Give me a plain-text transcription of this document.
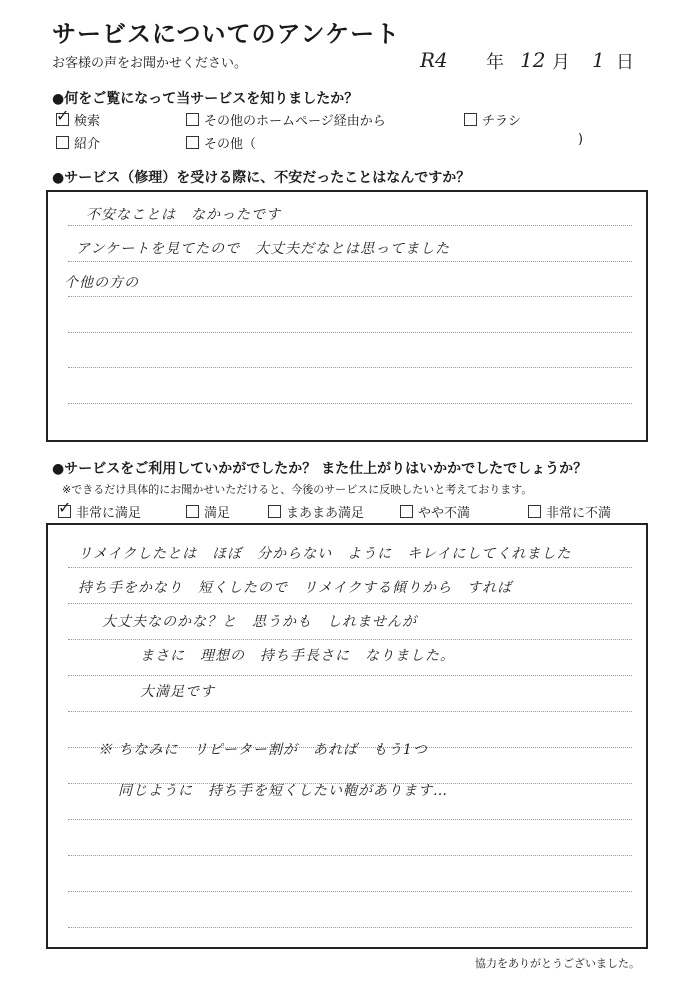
サービスについてのアンケート
お客様の声をお聞かせください。	R4 年 12 月 1 日
●何をご覧になって当サービスを知りましたか？
✓
検索	その他のホームページ経由から	チラシ
紹介	その他（	)
●サービス（修理）を受ける際に、不安だったことはなんですか？
不安なことは　なかったです
アンケートを見てたので　大丈夫だなとは思ってました
个他の方の
●サービスをご利用していかがでしたか？ また仕上がりはいかかでしたでしょうか？
※できるだけ具体的にお聞かせいただけると、今後のサービスに反映したいと考えております。
✓
非常に満足	満足	まあまあ満足	やや不満	非常に不満
リメイクしたとは　ほぼ　分からない　ように　キレイにしてくれました
持ち手をかなり　短くしたので　リメイクする傾りから　すれば
大丈夫なのかな？と　思うかも　しれませんが
まさに　理想の　持ち手長さに　なりました。
大満足です
※ ちなみに　リピーター割が　あれば　もう1つ
同じように　持ち手を短くしたい鞄があります…
協力をありがとうございました。
